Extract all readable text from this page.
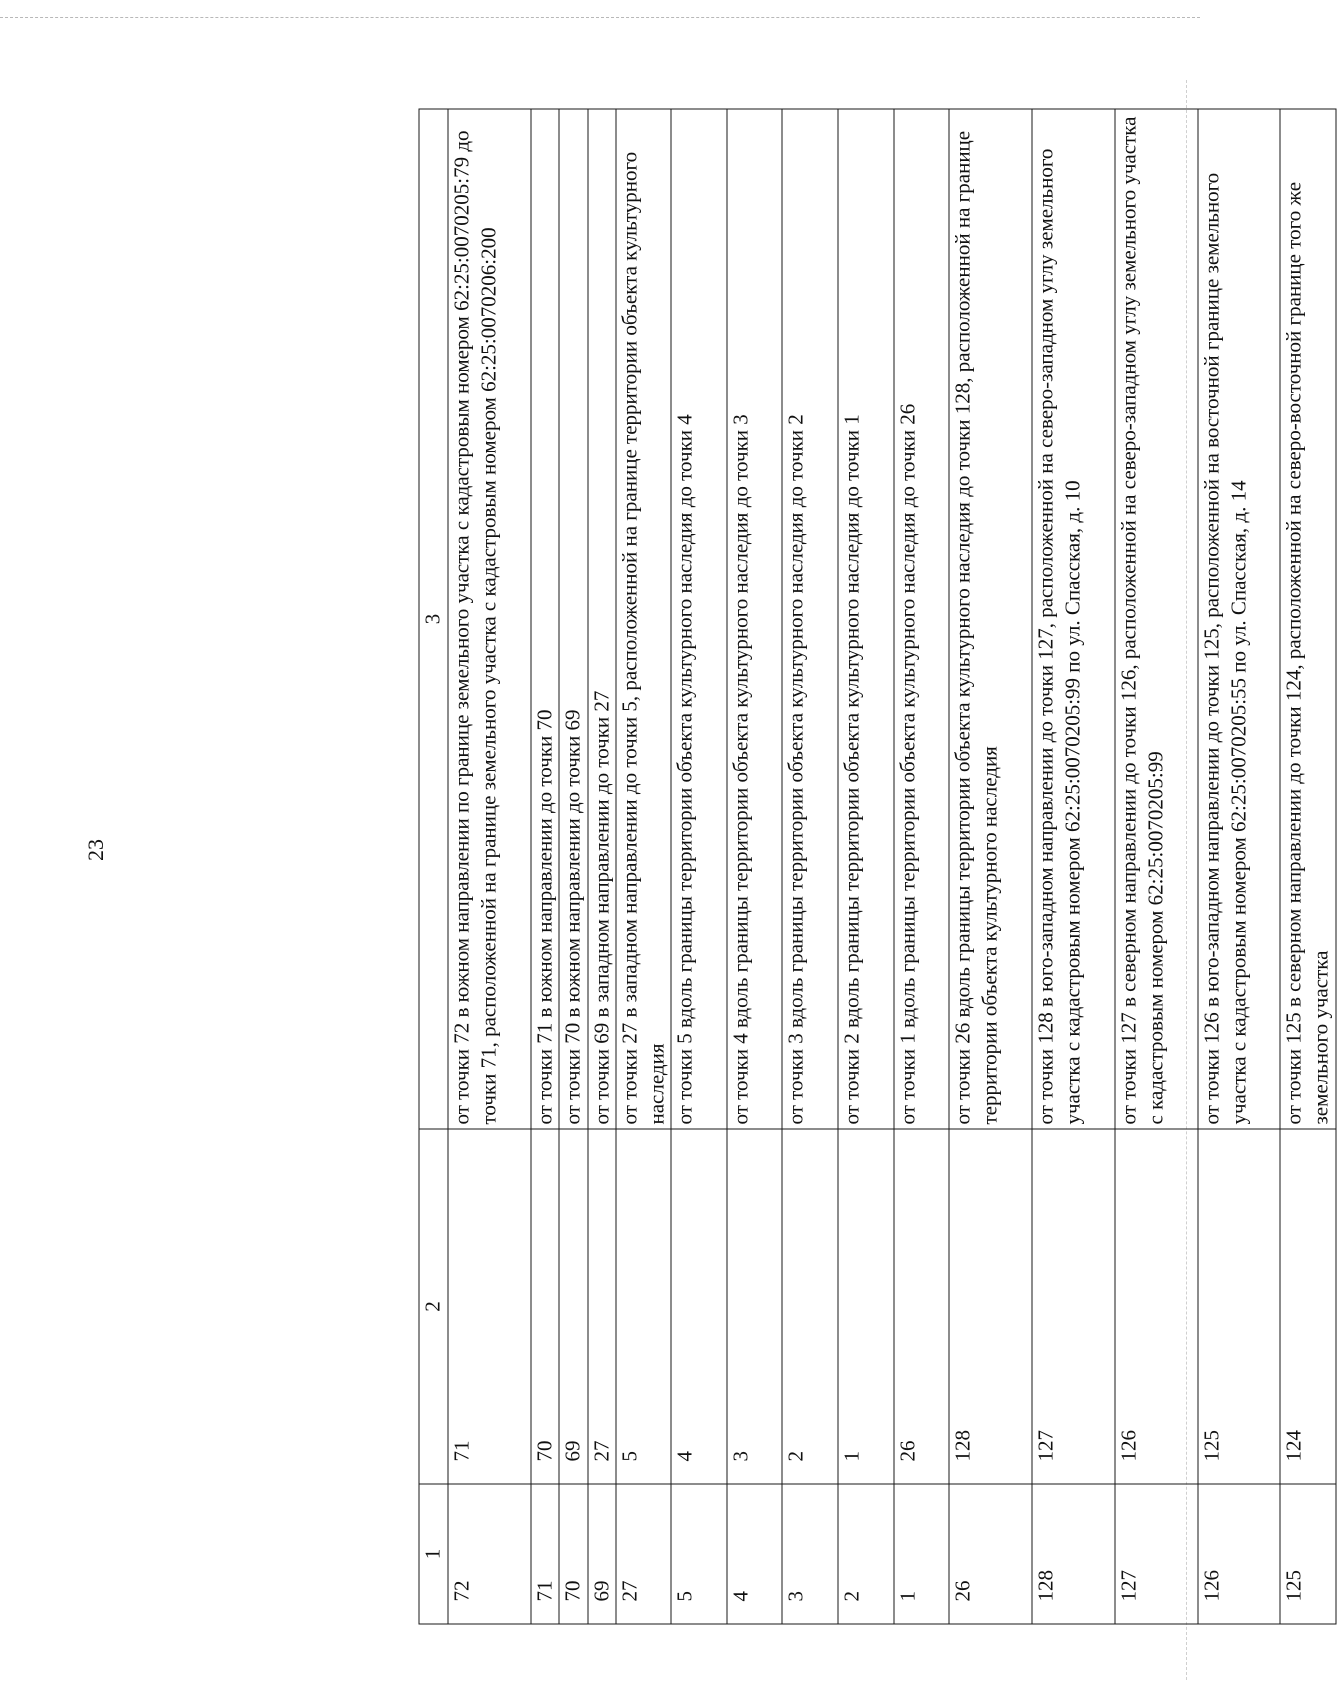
23
1	2	3
72	71	от точки 72 в южном направлении по границе земельного участка с кадастровым номером 62:25:0070205:79 до точки 71, расположенной на границе земельного участка с кадастровым номером 62:25:0070206:200
71	70	от точки 71 в южном направлении до точки 70
70	69	от точки 70 в южном направлении до точки 69
69	27	от точки 69 в западном направлении до точки 27
27	5	от точки 27 в западном направлении до точки 5, расположенной на границе территории объекта культурного наследия
5	4	от точки 5 вдоль границы территории объекта культурного наследия до точки 4
4	3	от точки 4 вдоль границы территории объекта культурного наследия до точки 3
3	2	от точки 3 вдоль границы территории объекта культурного наследия до точки 2
2	1	от точки 2 вдоль границы территории объекта культурного наследия до точки 1
1	26	от точки 1 вдоль границы территории объекта культурного наследия до точки 26
26	128	от точки 26 вдоль границы территории объекта культурного наследия до точки 128, расположенной на границе территории объекта культурного наследия
128	127	от точки 128 в юго-западном направлении до точки 127, расположенной на северо-западном углу земельного участка с кадастровым номером 62:25:0070205:99 по ул. Спасская, д. 10
127	126	от точки 127 в северном направлении до точки 126, расположенной на северо-западном углу земельного участка с кадастровым номером 62:25:0070205:99
126	125	от точки 126 в юго-западном направлении до точки 125, расположенной на восточной границе земельного участка с кадастровым номером 62:25:0070205:55 по ул. Спасская, д. 14
125	124	от точки 125 в северном направлении до точки 124, расположенной на северо-восточной границе того же земельного участка
